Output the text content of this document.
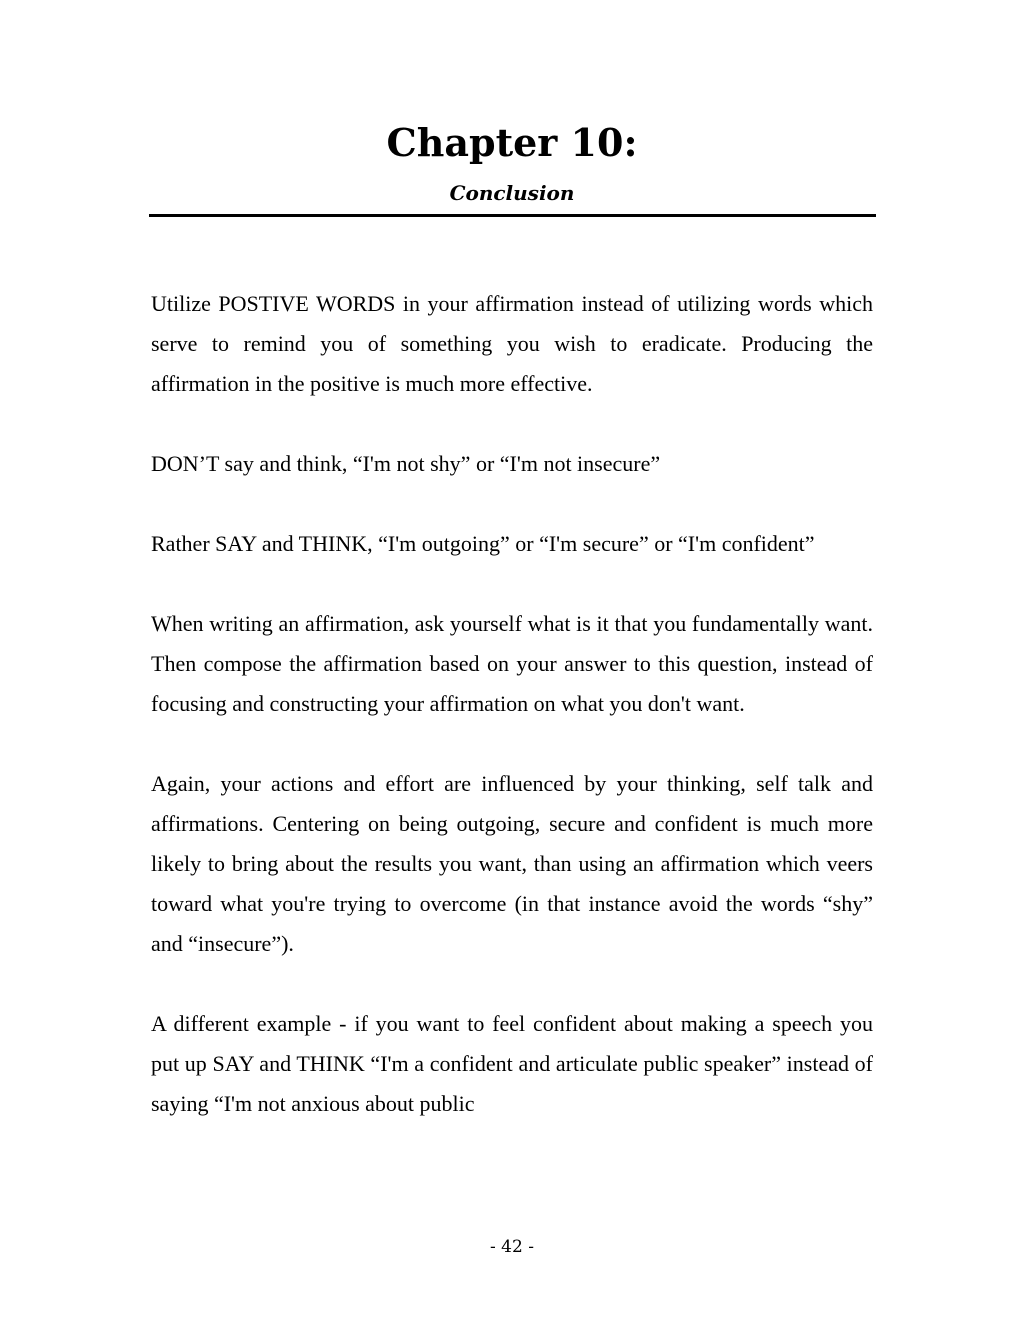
Chapter 10:
Conclusion

Utilize POSTIVE WORDS in your affirmation instead of utilizing words which serve to remind you of something you wish to eradicate. Producing the affirmation in the positive is much more effective.

DON’T say and think, “I'm not shy” or “I'm not insecure”

Rather SAY and THINK, “I'm outgoing” or “I'm secure” or “I'm confident”

When writing an affirmation, ask yourself what is it that you fundamentally want. Then compose the affirmation based on your answer to this question, instead of focusing and constructing your affirmation on what you don't want.

Again, your actions and effort are influenced by your thinking, self talk and affirmations. Centering on being outgoing, secure and confident is much more likely to bring about the results you want, than using an affirmation which veers toward what you're trying to overcome (in that instance avoid the words “shy” and “insecure”).

A different example - if you want to feel confident about making a speech you put up SAY and THINK “I'm a confident and articulate public speaker” instead of saying “I'm not anxious about public

- 42 -
